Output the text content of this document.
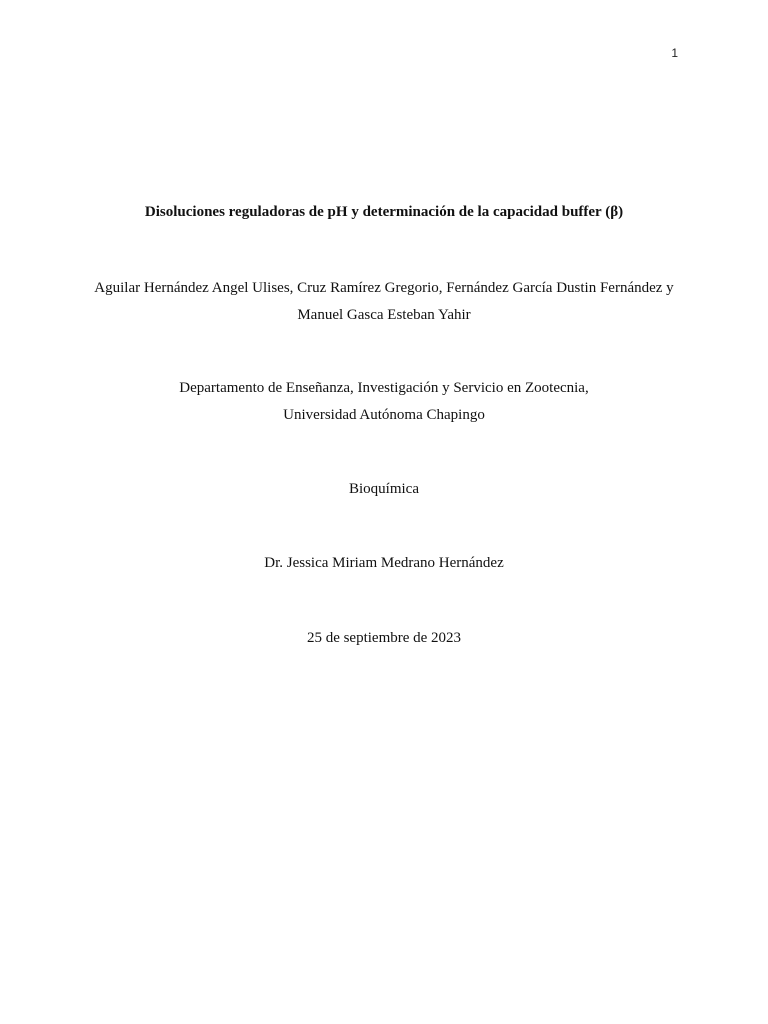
1
Disoluciones reguladoras de pH y determinación de la capacidad buffer (β)
Aguilar Hernández Angel Ulises, Cruz Ramírez Gregorio, Fernández García Dustin Fernández y
Manuel Gasca Esteban Yahir
Departamento de Enseñanza, Investigación y Servicio en Zootecnia,
Universidad Autónoma Chapingo
Bioquímica
Dr. Jessica Miriam Medrano Hernández
25 de septiembre de 2023
